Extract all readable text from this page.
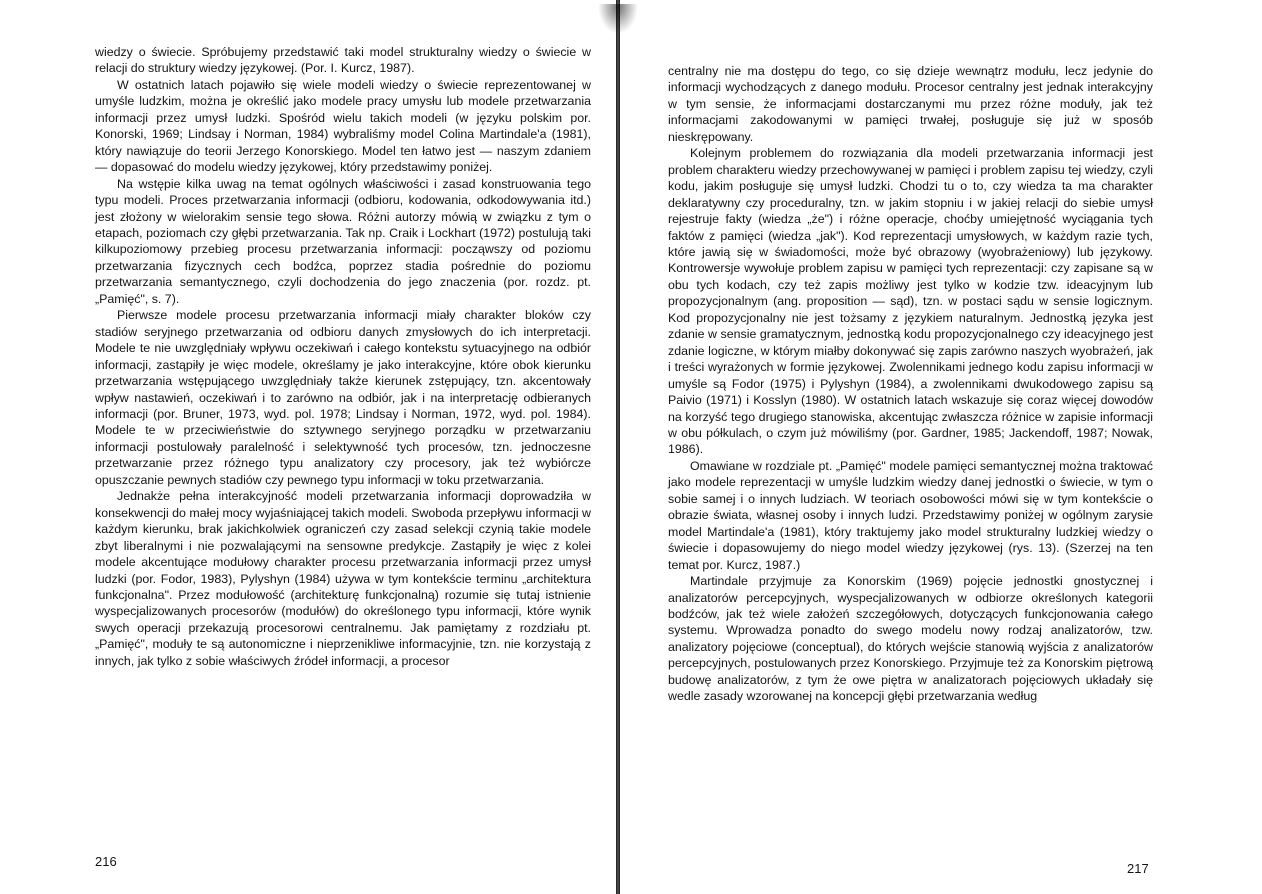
wiedzy o świecie. Spróbujemy przedstawić taki model strukturalny wiedzy o świecie w relacji do struktury wiedzy językowej. (Por. I. Kurcz, 1987).

W ostatnich latach pojawiło się wiele modeli wiedzy o świecie reprezentowanej w umyśle ludzkim, można je określić jako modele pracy umysłu lub modele przetwarzania informacji przez umysł ludzki. Spośród wielu takich modeli (w języku polskim por. Konorski, 1969; Lindsay i Norman, 1984) wybraliśmy model Colina Martindale'a (1981), który nawiązuje do teorii Jerzego Konorskiego. Model ten łatwo jest — naszym zdaniem — dopasować do modelu wiedzy językowej, który przedstawimy poniżej.

Na wstępie kilka uwag na temat ogólnych właściwości i zasad konstruowania tego typu modeli. Proces przetwarzania informacji (odbioru, kodowania, odkodowywania itd.) jest złożony w wielorakim sensie tego słowa. Różni autorzy mówią w związku z tym o etapach, poziomach czy głębi przetwarzania. Tak np. Craik i Lockhart (1972) postulują taki kilkupoziomowy przebieg procesu przetwarzania informacji: począwszy od poziomu przetwarzania fizycznych cech bodźca, poprzez stadia pośrednie do poziomu przetwarzania semantycznego, czyli dochodzenia do jego znaczenia (por. rozdz. pt. „Pamięć", s. 7).

Pierwsze modele procesu przetwarzania informacji miały charakter bloków czy stadiów seryjnego przetwarzania od odbioru danych zmysłowych do ich interpretacji. Modele te nie uwzględniały wpływu oczekiwań i całego kontekstu sytuacyjnego na odbiór informacji, zastąpiły je więc modele, określamy je jako interakcyjne, które obok kierunku przetwarzania wstępującego uwzględniały także kierunek zstępujący, tzn. akcentowały wpływ nastawień, oczekiwań i to zarówno na odbiór, jak i na interpretację odbieranych informacji (por. Bruner, 1973, wyd. pol. 1978; Lindsay i Norman, 1972, wyd. pol. 1984). Modele te w przeciwieństwie do sztywnego seryjnego porządku w przetwarzaniu informacji postulowały paralelność i selektywność tych procesów, tzn. jednoczesne przetwarzanie przez różnego typu analizatory czy procesory, jak też wybiórcze opuszczanie pewnych stadiów czy pewnego typu informacji w toku przetwarzania.

Jednakże pełna interakcyjność modeli przetwarzania informacji doprowadziła w konsekwencji do małej mocy wyjaśniającej takich modeli. Swoboda przepływu informacji w każdym kierunku, brak jakichkolwiek ograniczeń czy zasad selekcji czynią takie modele zbyt liberalnymi i nie pozwalającymi na sensowne predykcje. Zastąpiły je więc z kolei modele akcentujące modułowy charakter procesu przetwarzania informacji przez umysł ludzki (por. Fodor, 1983), Pylyshyn (1984) używa w tym kontekście terminu „architektura funkcjonalna". Przez modułowość (architekturę funkcjonalną) rozumie się tutaj istnienie wyspecjalizowanych procesorów (modułów) do określonego typu informacji, które wynik swych operacji przekazują procesorowi centralnemu. Jak pamiętamy z rozdziału pt. „Pamięć", moduły te są autonomiczne i nieprzenikliwe informacyjnie, tzn. nie korzystają z innych, jak tylko z sobie właściwych źródeł informacji, a procesor

216

centralny nie ma dostępu do tego, co się dzieje wewnątrz modułu, lecz jedynie do informacji wychodzących z danego modułu. Procesor centralny jest jednak interakcyjny w tym sensie, że informacjami dostarczanymi mu przez różne moduły, jak też informacjami zakodowanymi w pamięci trwałej, posługuje się już w sposób nieskrępowany.

Kolejnym problemem do rozwiązania dla modeli przetwarzania informacji jest problem charakteru wiedzy przechowywanej w pamięci i problem zapisu tej wiedzy, czyli kodu, jakim posługuje się umysł ludzki. Chodzi tu o to, czy wiedza ta ma charakter deklaratywny czy proceduralny, tzn. w jakim stopniu i w jakiej relacji do siebie umysł rejestruje fakty (wiedza „że") i różne operacje, choćby umiejętność wyciągania tych faktów z pamięci (wiedza „jak"). Kod reprezentacji umysłowych, w każdym razie tych, które jawią się w świadomości, może być obrazowy (wyobrażeniowy) lub językowy. Kontrowersje wywołuje problem zapisu w pamięci tych reprezentacji: czy zapisane są w obu tych kodach, czy też zapis możliwy jest tylko w kodzie tzw. ideacyjnym lub propozycjonalnym (ang. proposition — sąd), tzn. w postaci sądu w sensie logicznym. Kod propozycjonalny nie jest tożsamy z językiem naturalnym. Jednostką języka jest zdanie w sensie gramatycznym, jednostką kodu propozycjonalnego czy ideacyjnego jest zdanie logiczne, w którym miałby dokonywać się zapis zarówno naszych wyobrażeń, jak i treści wyrażonych w formie językowej. Zwolennikami jednego kodu zapisu informacji w umyśle są Fodor (1975) i Pylyshyn (1984), a zwolennikami dwukodowego zapisu są Paivio (1971) i Kosslyn (1980). W ostatnich latach wskazuje się coraz więcej dowodów na korzyść tego drugiego stanowiska, akcentując zwłaszcza różnice w zapisie informacji w obu półkulach, o czym już mówiliśmy (por. Gardner, 1985; Jackendoff, 1987; Nowak, 1986).

Omawiane w rozdziale pt. „Pamięć" modele pamięci semantycznej można traktować jako modele reprezentacji w umyśle ludzkim wiedzy danej jednostki o świecie, w tym o sobie samej i o innych ludziach. W teoriach osobowości mówi się w tym kontekście o obrazie świata, własnej osoby i innych ludzi. Przedstawimy poniżej w ogólnym zarysie model Martindale'a (1981), który traktujemy jako model strukturalny ludzkiej wiedzy o świecie i dopasowujemy do niego model wiedzy językowej (rys. 13). (Szerzej na ten temat por. Kurcz, 1987.)

Martindale przyjmuje za Konorskim (1969) pojęcie jednostki gnostycznej i analizatorów percepcyjnych, wyspecjalizowanych w odbiorze określonych kategorii bodźców, jak też wiele założeń szczegółowych, dotyczących funkcjonowania całego systemu. Wprowadza ponadto do swego modelu nowy rodzaj analizatorów, tzw. analizatory pojęciowe (conceptual), do których wejście stanowią wyjścia z analizatorów percepcyjnych, postulowanych przez Konorskiego. Przyjmuje też za Konorskim piętrową budowę analizatorów, z tym że owe piętra w analizatorach pojęciowych układały się wedle zasady wzorowanej na koncepcji głębi przetwarzania według

217
